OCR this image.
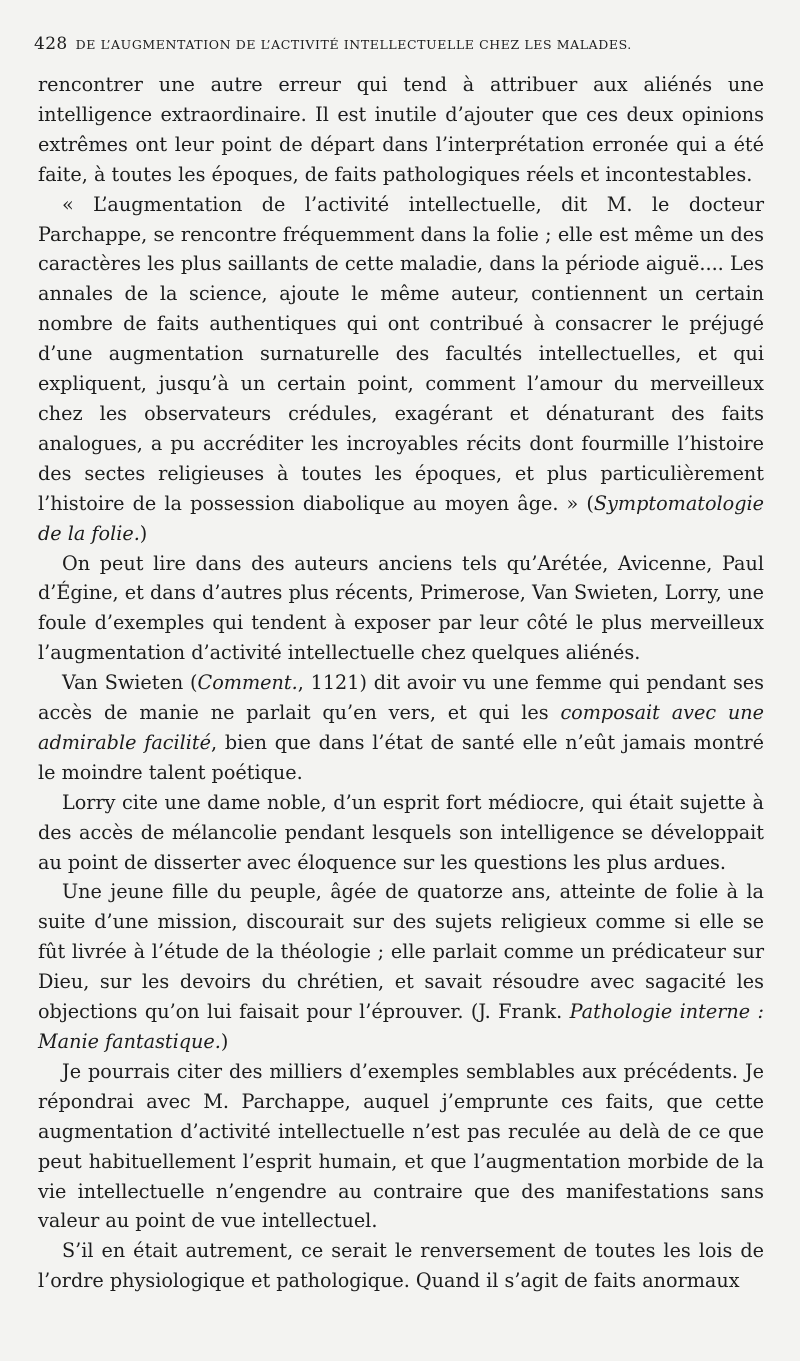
428 DE L’AUGMENTATION DE L’ACTIVITÉ INTELLECTUELLE CHEZ LES MALADES.

rencontrer une autre erreur qui tend à attribuer aux aliénés une intelligence extraordinaire. Il est inutile d’ajouter que ces deux opinions extrêmes ont leur point de départ dans l’interprétation erronée qui a été faite, à toutes les époques, de faits pathologiques réels et incontestables.

« L’augmentation de l’activité intellectuelle, dit M. le docteur Parchappe, se rencontre fréquemment dans la folie ; elle est même un des caractères les plus saillants de cette maladie, dans la période aiguë.... Les annales de la science, ajoute le même auteur, contiennent un certain nombre de faits authentiques qui ont contribué à consacrer le préjugé d’une augmentation surnaturelle des facultés intellectuelles, et qui expliquent, jusqu’à un certain point, comment l’amour du merveilleux chez les observateurs crédules, exagérant et dénaturant des faits analogues, a pu accréditer les incroyables récits dont fourmille l’histoire des sectes religieuses à toutes les époques, et plus particulièrement l’histoire de la possession diabolique au moyen âge. » (Symptomatologie de la folie.)

On peut lire dans des auteurs anciens tels qu’Arétée, Avicenne, Paul d’Égine, et dans d’autres plus récents, Primerose, Van Swieten, Lorry, une foule d’exemples qui tendent à exposer par leur côté le plus merveilleux l’augmentation d’activité intellectuelle chez quelques aliénés.

Van Swieten (Comment., 1121) dit avoir vu une femme qui pendant ses accès de manie ne parlait qu’en vers, et qui les composait avec une admirable facilité, bien que dans l’état de santé elle n’eût jamais montré le moindre talent poétique.

Lorry cite une dame noble, d’un esprit fort médiocre, qui était sujette à des accès de mélancolie pendant lesquels son intelligence se développait au point de disserter avec éloquence sur les questions les plus ardues.

Une jeune fille du peuple, âgée de quatorze ans, atteinte de folie à la suite d’une mission, discourait sur des sujets religieux comme si elle se fût livrée à l’étude de la théologie ; elle parlait comme un prédicateur sur Dieu, sur les devoirs du chrétien, et savait résoudre avec sagacité les objections qu’on lui faisait pour l’éprouver. (J. Frank. Pathologie interne : Manie fantastique.)

Je pourrais citer des milliers d’exemples semblables aux précédents. Je répondrai avec M. Parchappe, auquel j’emprunte ces faits, que cette augmentation d’activité intellectuelle n’est pas reculée au delà de ce que peut habituellement l’esprit humain, et que l’augmentation morbide de la vie intellectuelle n’engendre au contraire que des manifestations sans valeur au point de vue intellectuel.

S’il en était autrement, ce serait le renversement de toutes les lois de l’ordre physiologique et pathologique. Quand il s’agit de faits anormaux
